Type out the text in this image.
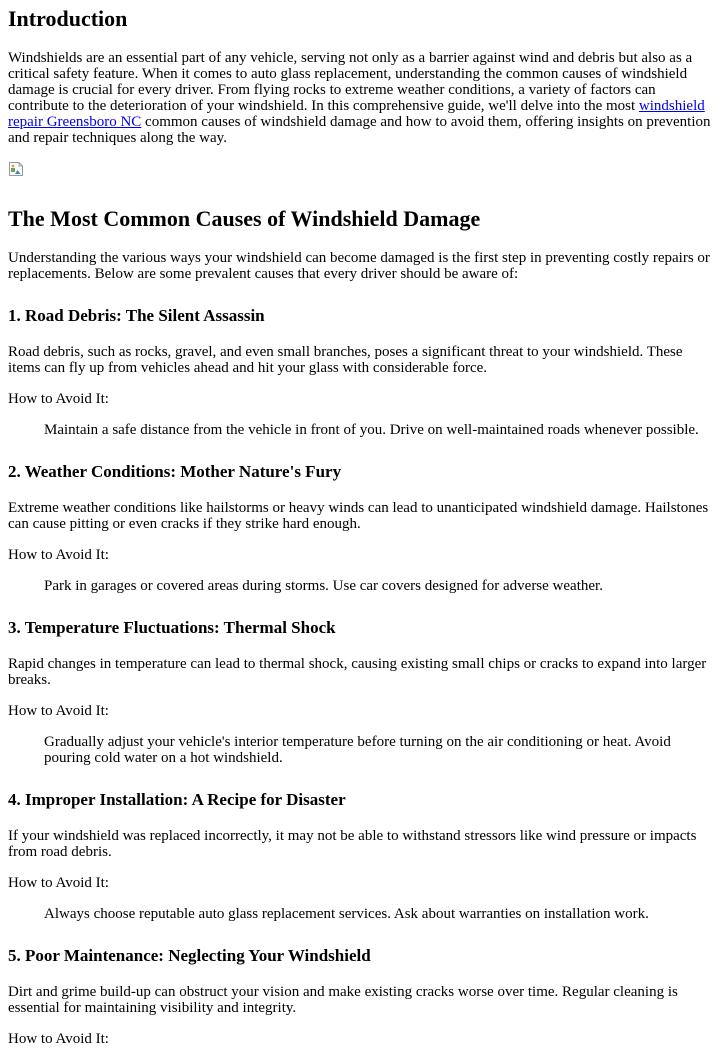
Introduction

Windshields are an essential part of any vehicle, serving not only as a barrier against wind and debris but also as a critical safety feature. When it comes to auto glass replacement, understanding the common causes of windshield damage is crucial for every driver. From flying rocks to extreme weather conditions, a variety of factors can contribute to the deterioration of your windshield. In this comprehensive guide, we'll delve into the most windshield repair Greensboro NC common causes of windshield damage and how to avoid them, offering insights on prevention and repair techniques along the way.

The Most Common Causes of Windshield Damage

Understanding the various ways your windshield can become damaged is the first step in preventing costly repairs or replacements. Below are some prevalent causes that every driver should be aware of:

1. Road Debris: The Silent Assassin

Road debris, such as rocks, gravel, and even small branches, poses a significant threat to your windshield. These items can fly up from vehicles ahead and hit your glass with considerable force.

How to Avoid It:

Maintain a safe distance from the vehicle in front of you. Drive on well-maintained roads whenever possible.

2. Weather Conditions: Mother Nature's Fury

Extreme weather conditions like hailstorms or heavy winds can lead to unanticipated windshield damage. Hailstones can cause pitting or even cracks if they strike hard enough.

How to Avoid It:

Park in garages or covered areas during storms. Use car covers designed for adverse weather.

3. Temperature Fluctuations: Thermal Shock

Rapid changes in temperature can lead to thermal shock, causing existing small chips or cracks to expand into larger breaks.

How to Avoid It:

Gradually adjust your vehicle's interior temperature before turning on the air conditioning or heat. Avoid pouring cold water on a hot windshield.

4. Improper Installation: A Recipe for Disaster

If your windshield was replaced incorrectly, it may not be able to withstand stressors like wind pressure or impacts from road debris.

How to Avoid It:

Always choose reputable auto glass replacement services. Ask about warranties on installation work.

5. Poor Maintenance: Neglecting Your Windshield

Dirt and grime build-up can obstruct your vision and make existing cracks worse over time. Regular cleaning is essential for maintaining visibility and integrity.

How to Avoid It:
